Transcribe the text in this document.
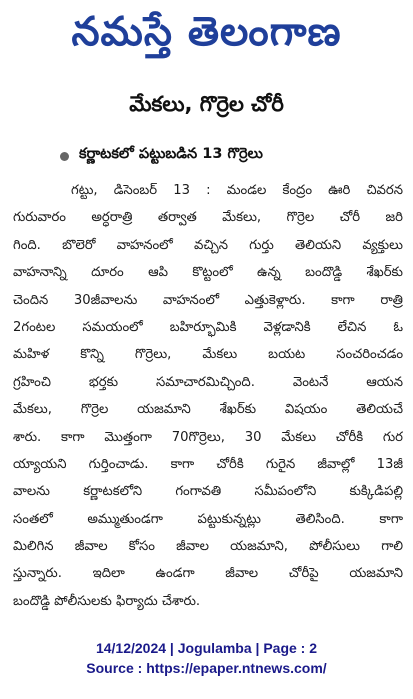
నమస్తే తెలంగాణ
మేకలు, గొర్రెల చోరీ
కర్ణాటకలో పట్టుబడిన 13 గొర్రెలు
గట్టు, డిసెంబర్ 13 : మండల కేంద్రం ఊరి చివరన
గురువారం అర్ధరాత్రి తర్వాత మేకలు, గొర్రెల చోరీ జరి
గింది. బొలెరో వాహనంలో వచ్చిన గుర్తు తెలియని వ్యక్తులు
వాహనాన్ని దూరం ఆపి కొట్టంలో ఉన్న బందొడ్డి శేఖర్‌కు
చెందిన 30జీవాలను వాహనంలో ఎత్తుకెళ్లారు. కాగా రాత్రి
2గంటల సమయంలో బహిర్భూమికి వెళ్లడానికి లేచిన ఓ
మహిళ కొన్ని గొర్రెలు, మేకలు బయట సంచరించడం
గ్రహించి భర్తకు సమాచారమిచ్చింది. వెంటనే ఆయన
మేకలు, గొర్రెల యజమాని శేఖర్‌కు విషయం తెలియచే
శారు. కాగా మొత్తంగా 70గొర్రెలు, 30 మేకలు చోరీకి గుర
య్యాయని గుర్తించాడు. కాగా చోరీకి గురైన జీవాల్లో 13జీ
వాలను కర్ణాటకలోని గంగావతి సమీపంలోని కుక్కిడిపల్లి
సంతలో అమ్ముతుండగా పట్టుకున్నట్లు తెలిసింది. కాగా
మిలిగిన జీవాల కోసం జీవాల యజమాని, పోలీసులు గాలి
స్తున్నారు. ఇదిలా ఉండగా జీవాల చోరీపై యజమాని
బందొడ్డి పోలీసులకు ఫిర్యాదు చేశారు.
14/12/2024 | Jogulamba | Page : 2
Source : https://epaper.ntnews.com/
